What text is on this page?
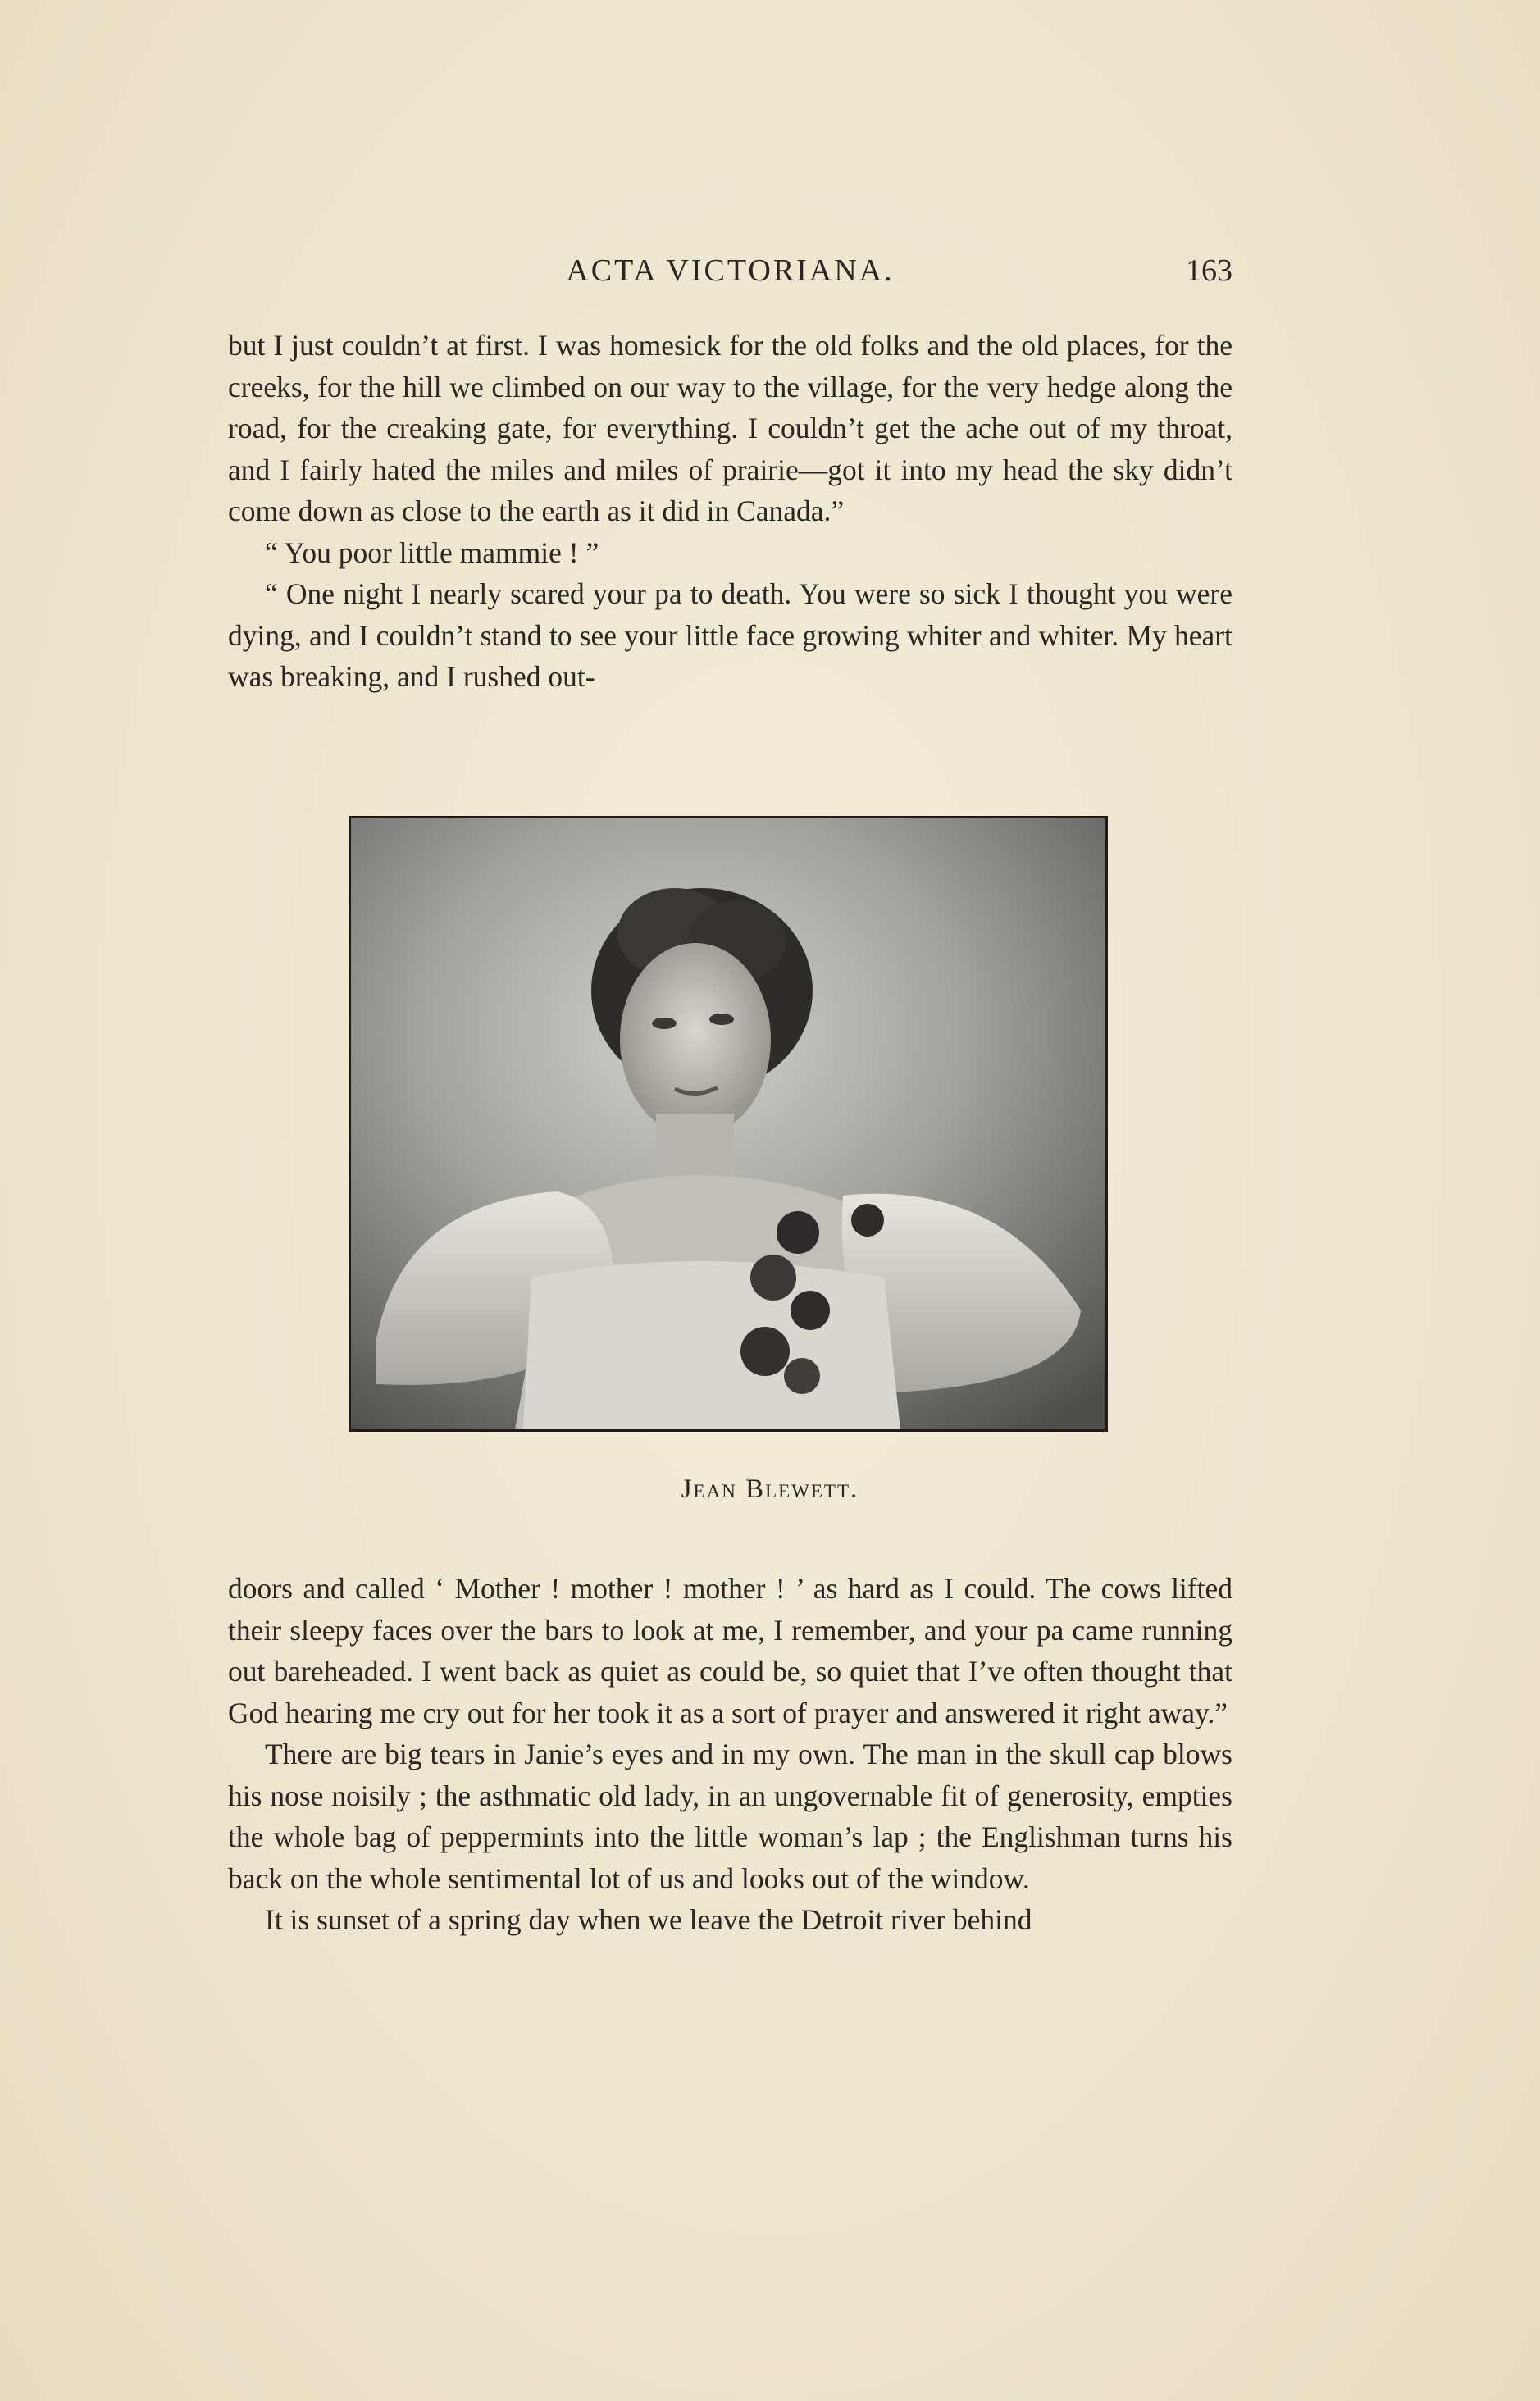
ACTA VICTORIANA.	163

but I just couldn’t at first. I was homesick for the old folks and the old places, for the creeks, for the hill we climbed on our way to the village, for the very hedge along the road, for the creaking gate, for everything. I couldn’t get the ache out of my throat, and I fairly hated the miles and miles of prairie—got it into my head the sky didn’t come down as close to the earth as it did in Canada.”

“ You poor little mammie ! ”

“ One night I nearly scared your pa to death. You were so sick I thought you were dying, and I couldn’t stand to see your little face growing whiter and whiter. My heart was breaking, and I rushed out-

Jean Blewett.

doors and called ‘ Mother ! mother ! mother ! ’ as hard as I could. The cows lifted their sleepy faces over the bars to look at me, I remember, and your pa came running out bareheaded. I went back as quiet as could be, so quiet that I’ve often thought that God hearing me cry out for her took it as a sort of prayer and answered it right away.”

There are big tears in Janie’s eyes and in my own. The man in the skull cap blows his nose noisily ; the asthmatic old lady, in an ungovernable fit of generosity, empties the whole bag of peppermints into the little woman’s lap ; the Englishman turns his back on the whole sentimental lot of us and looks out of the window.

It is sunset of a spring day when we leave the Detroit river behind
